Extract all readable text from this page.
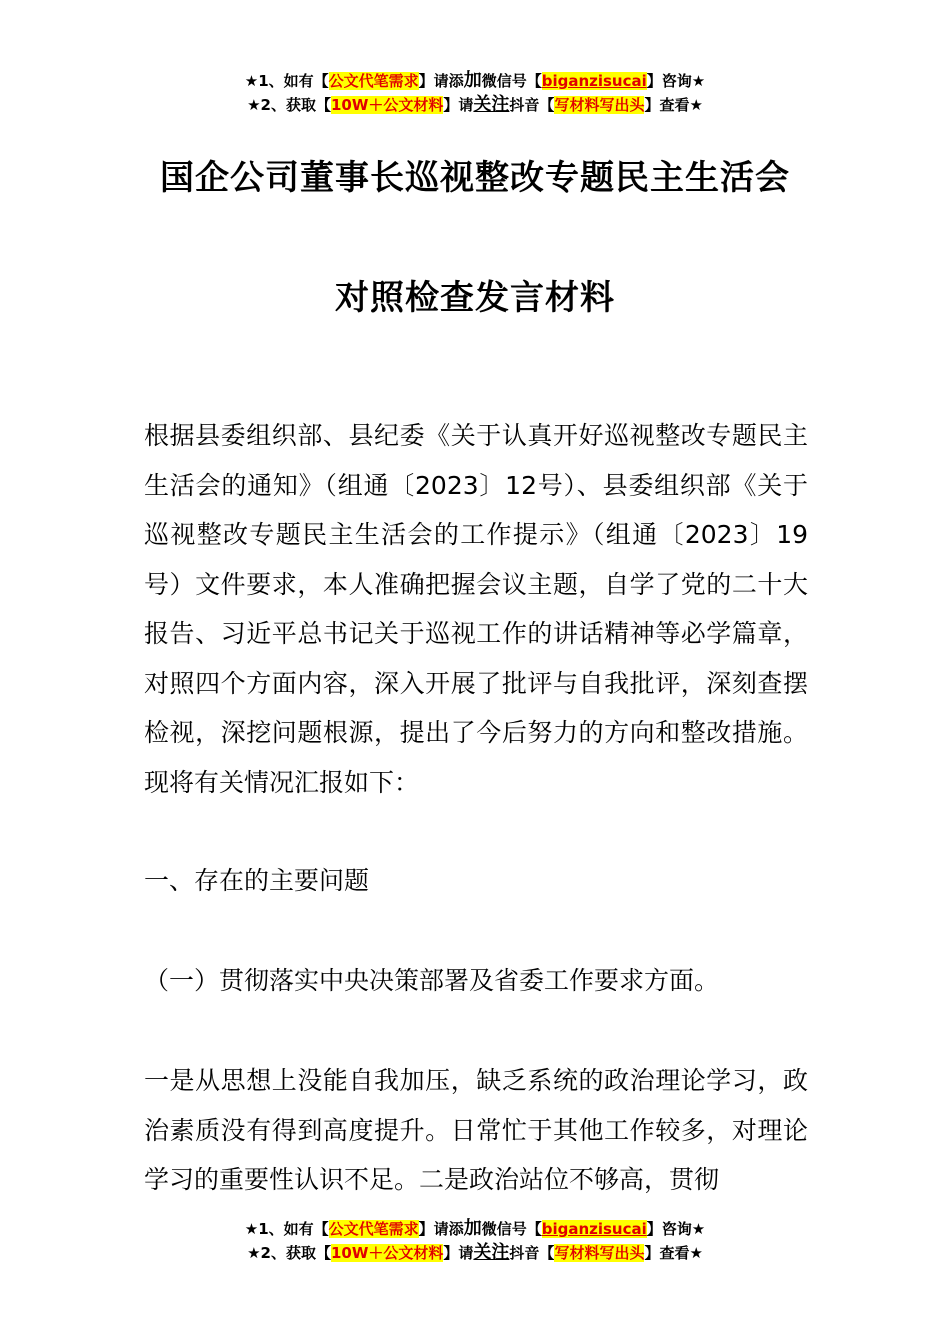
★1、如有【公文代笔需求】请添加微信号【biganzisucai】咨询★
★2、获取【10W＋公文材料】请关注抖音【写材料写出头】查看★
国企公司董事长巡视整改专题民主生活会
对照检查发言材料
根据县委组织部、县纪委《关于认真开好巡视整改专题民主生活会的通知》（组通〔2023〕12号）、县委组织部《关于巡视整改专题民主生活会的工作提示》（组通〔2023〕19号）文件要求，本人准确把握会议主题，自学了党的二十大报告、习近平总书记关于巡视工作的讲话精神等必学篇章，对照四个方面内容，深入开展了批评与自我批评，深刻查摆检视，深挖问题根源，提出了今后努力的方向和整改措施。现将有关情况汇报如下：
一、存在的主要问题
（一）贯彻落实中央决策部署及省委工作要求方面。
一是从思想上没能自我加压，缺乏系统的政治理论学习，政治素质没有得到高度提升。日常忙于其他工作较多，对理论学习的重要性认识不足。二是政治站位不够高，贯彻
★1、如有【公文代笔需求】请添加微信号【biganzisucai】咨询★
★2、获取【10W＋公文材料】请关注抖音【写材料写出头】查看★
